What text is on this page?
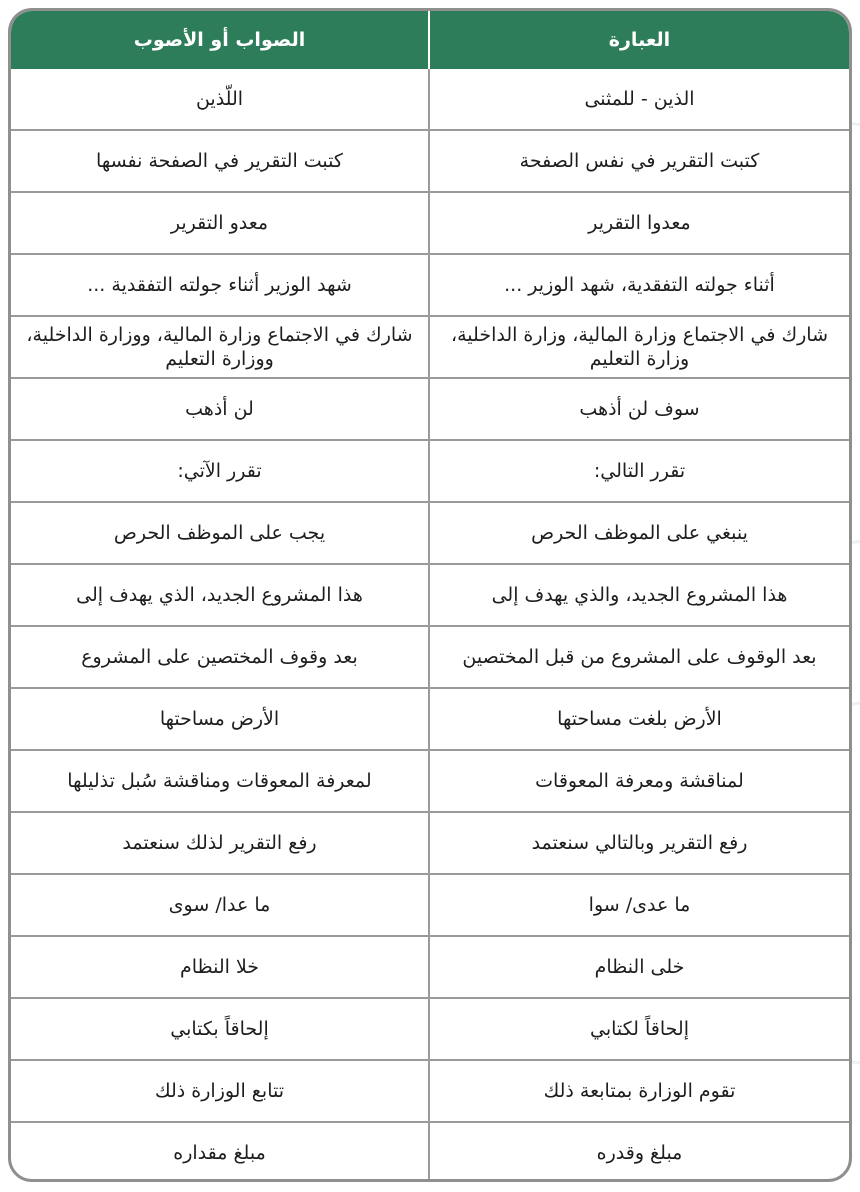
العبارة	الصواب أو الأصوب
الذين - للمثنى	اللّذين
كتبت التقرير في نفس الصفحة	كتبت التقرير في الصفحة نفسها
معدوا التقرير	معدو التقرير
أثناء جولته التفقدية، شهد الوزير ...	شهد الوزير أثناء جولته التفقدية ...
شارك في الاجتماع وزارة المالية، وزارة الداخلية، وزارة التعليم	شارك في الاجتماع وزارة المالية، ووزارة الداخلية، ووزارة التعليم
سوف لن أذهب	لن أذهب
تقرر التالي:	تقرر الآتي:
ينبغي على الموظف الحرص	يجب على الموظف الحرص
هذا المشروع الجديد، والذي يهدف إلى	هذا المشروع الجديد، الذي يهدف إلى
بعد الوقوف على المشروع من قبل المختصين	بعد وقوف المختصين على المشروع
الأرض بلغت مساحتها	الأرض مساحتها
لمناقشة ومعرفة المعوقات	لمعرفة المعوقات ومناقشة سُبل تذليلها
رفع التقرير وبالتالي سنعتمد	رفع التقرير لذلك سنعتمد
ما عدى/ سوا	ما عدا/ سوى
خلى النظام	خلا النظام
إلحاقاً لكتابي	إلحاقاً بكتابي
تقوم الوزارة بمتابعة ذلك	تتابع الوزارة ذلك
مبلغ وقدره	مبلغ مقداره
